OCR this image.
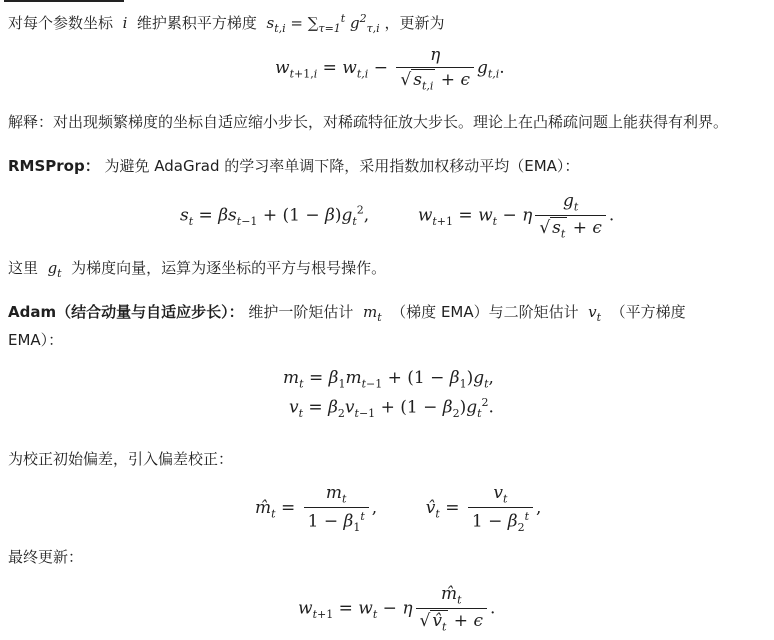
对每个参数坐标  i  维护累积平方梯度  $s_{t,i} = \sum_{\tau=1}^t$ $g^2_{\tau,i}$ ，更新为
$w_{t+1,i} = w_{t,i} - \frac{\eta}{√ s_{t,i} + \epsilon} g_{t,i}$.
解释：对出现频繁梯度的坐标自适应缩小步长，对稀疏特征放大步长。理论上在凸稀疏问题上能获得有利界。
RMSProp： 为避免 AdaGrad 的学习率单调下降，采用指数加权移动平均（EMA）：
$s_t = \beta s_{t-1} + (1 - \beta)g_t^2$,         $w_{t+1} = w_t - \eta \frac{g_t}{√ s_t + \epsilon}$ .
这里  $g_t$ 为梯度向量，运算为逐坐标的平方与根号操作。
Adam（结合动量与自适应步长）： 维护一阶矩估计  $m_t$ （梯度 EMA）与二阶矩估计  $v_t$ （平方梯度
EMA）：
$m_t = \beta_1m_{t-1} + (1 - \beta_1)g_t$,
$v_t = \beta_2v_{t-1} + (1 - \beta_2)g_t^2$.
为校正初始偏差，引入偏差校正：
$m̂_t = \frac{m_t}{1 - \beta_1^t}$ ,         $v̂_t = \frac{v_t}{1 - \beta_2^t}$ ,
最终更新：
$w_{t+1} = w_t - \eta \frac{m̂_t}{√ v̂_t + \epsilon}$ .
